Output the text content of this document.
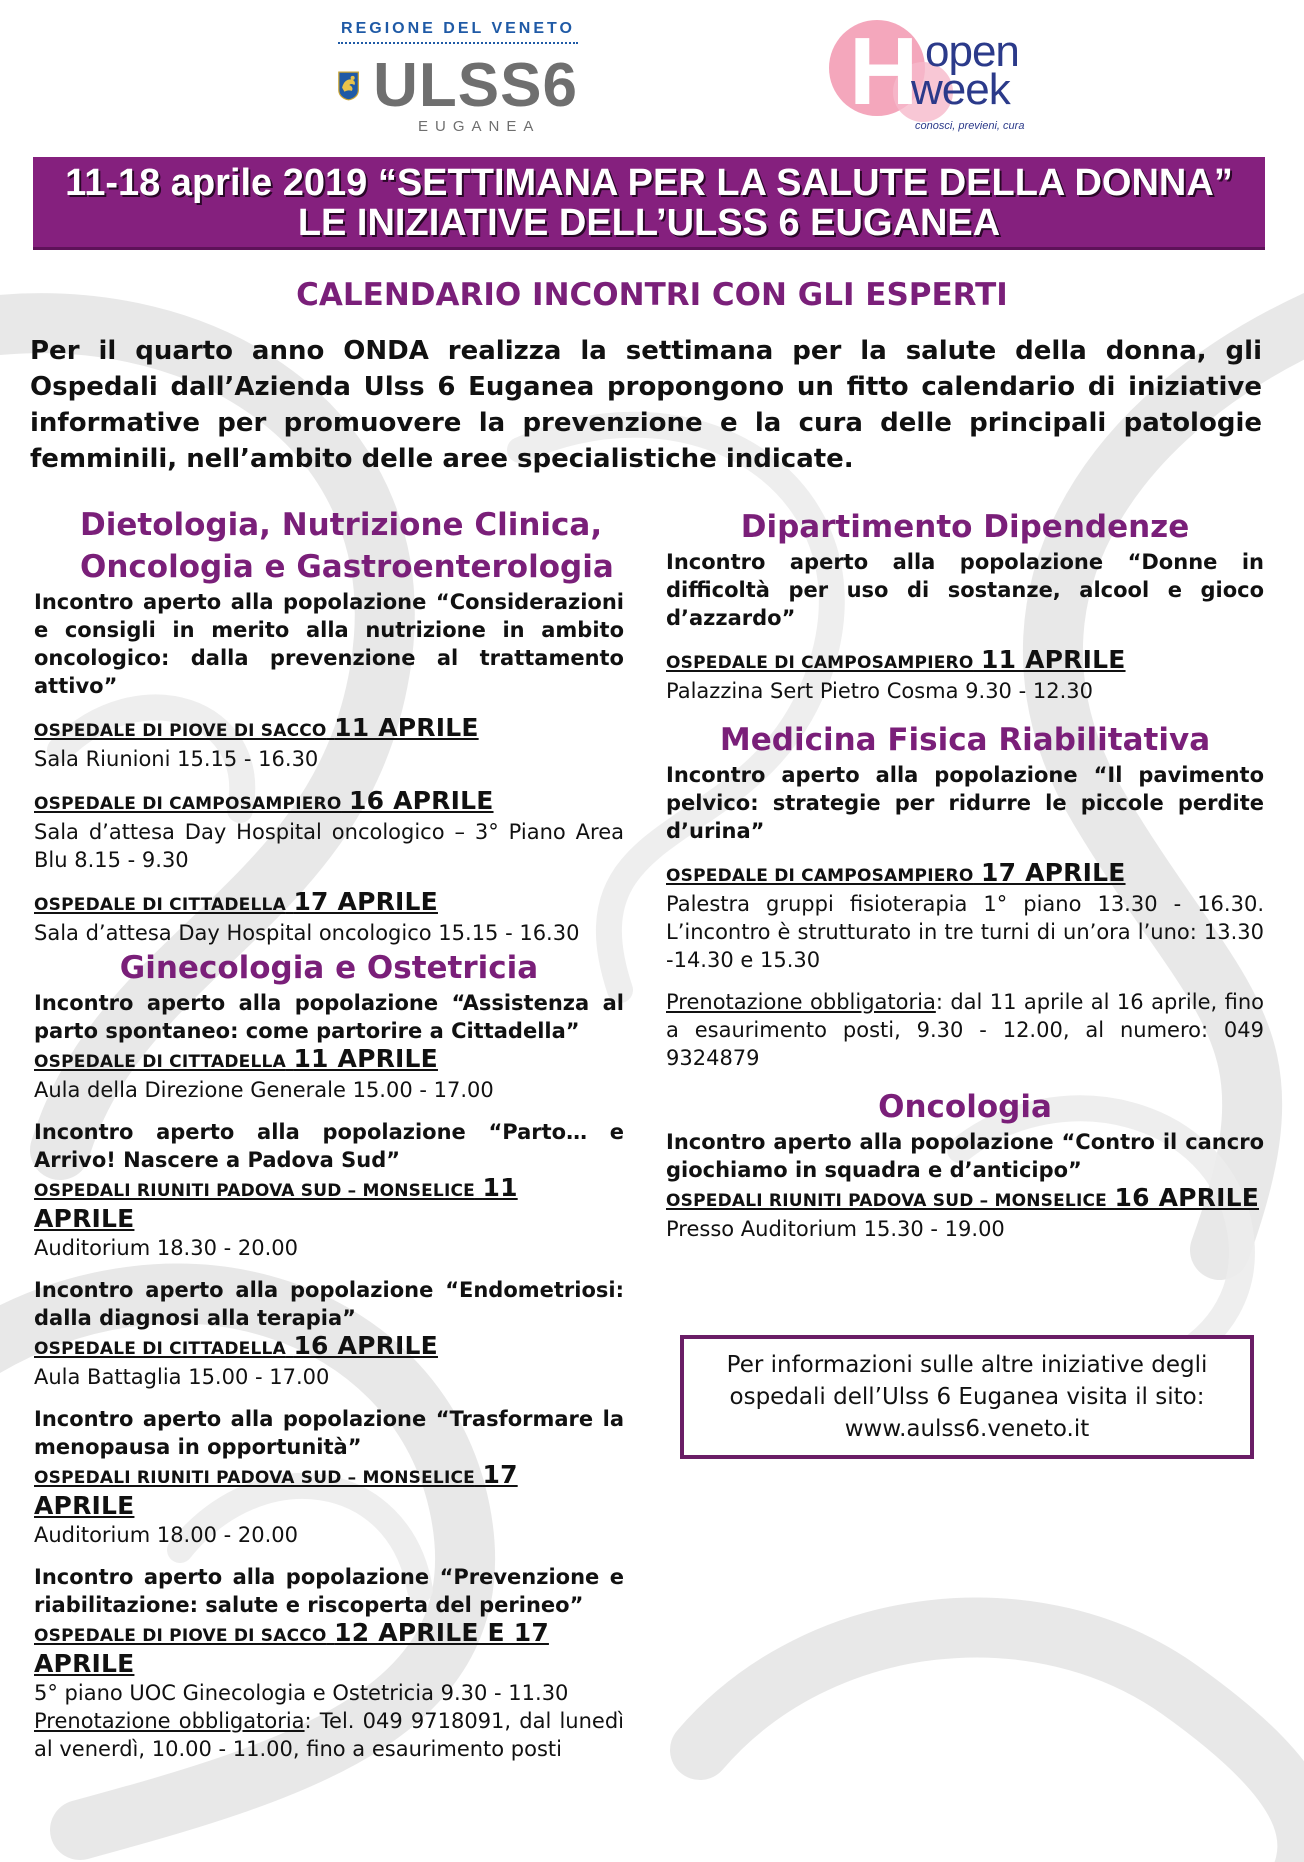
REGIONE DEL VENETO
ULSS6
EUGANEA
H open
week
conosci, previeni, cura
11-18 aprile 2019 “SETTIMANA PER LA SALUTE DELLA DONNA”
LE INIZIATIVE DELL’ULSS 6 EUGANEA
CALENDARIO INCONTRI CON GLI ESPERTI
Per il quarto anno ONDA realizza la settimana per la salute della donna, gli Ospedali dall’Azienda Ulss 6 Euganea propongono un fitto calendario di iniziative informative per promuovere la prevenzione e la cura delle principali patologie femminili, nell’ambito delle aree specialistiche indicate.
Dietologia, Nutrizione Clinica,
Oncologia e Gastroenterologia
Incontro aperto alla popolazione “Considerazioni e consigli in merito alla nutrizione in ambito oncologico: dalla prevenzione al trattamento attivo”
OSPEDALE DI PIOVE DI SACCO 11 APRILE
Sala Riunioni 15.15 - 16.30
OSPEDALE DI CAMPOSAMPIERO 16 APRILE
Sala d’attesa Day Hospital oncologico – 3° Piano Area Blu 8.15 - 9.30
OSPEDALE DI CITTADELLA 17 APRILE
Sala d’attesa Day Hospital oncologico 15.15 - 16.30
Ginecologia e Ostetricia
Incontro aperto alla popolazione “Assistenza al parto spontaneo: come partorire a Cittadella”
OSPEDALE DI CITTADELLA 11 APRILE
Aula della Direzione Generale 15.00 - 17.00
Incontro aperto alla popolazione “Parto… e Arrivo! Nascere a Padova Sud”
OSPEDALI RIUNITI PADOVA SUD – MONSELICE 11 APRILE
Auditorium 18.30 - 20.00
Incontro aperto alla popolazione “Endometriosi: dalla diagnosi alla terapia”
OSPEDALE DI CITTADELLA 16 APRILE
Aula Battaglia 15.00 - 17.00
Incontro aperto alla popolazione “Trasformare la menopausa in opportunità”
OSPEDALI RIUNITI PADOVA SUD – MONSELICE 17 APRILE
Auditorium 18.00 - 20.00
Incontro aperto alla popolazione “Prevenzione e riabilitazione: salute e riscoperta del perineo”
OSPEDALE DI PIOVE DI SACCO 12 APRILE E 17 APRILE
5° piano UOC Ginecologia e Ostetricia 9.30 - 11.30
Prenotazione obbligatoria: Tel. 049 9718091, dal lunedì al venerdì, 10.00 - 11.00, fino a esaurimento posti
Dipartimento Dipendenze
Incontro aperto alla popolazione “Donne in difficoltà per uso di sostanze, alcool e gioco d’azzardo”
OSPEDALE DI CAMPOSAMPIERO 11 APRILE
Palazzina Sert Pietro Cosma 9.30 - 12.30
Medicina Fisica Riabilitativa
Incontro aperto alla popolazione “Il pavimento pelvico: strategie per ridurre le piccole perdite d’urina”
OSPEDALE DI CAMPOSAMPIERO 17 APRILE
Palestra gruppi fisioterapia 1° piano 13.30 - 16.30. L’incontro è strutturato in tre turni di un’ora l’uno: 13.30 -14.30 e 15.30
Prenotazione obbligatoria: dal 11 aprile al 16 aprile, fino a esaurimento posti, 9.30 - 12.00, al numero: 049 9324879
Oncologia
Incontro aperto alla popolazione “Contro il cancro giochiamo in squadra e d’anticipo”
OSPEDALI RIUNITI PADOVA SUD – MONSELICE 16 APRILE
Presso Auditorium 15.30 - 19.00
Per informazioni sulle altre iniziative degli
ospedali dell’Ulss 6 Euganea visita il sito:
www.aulss6.veneto.it
